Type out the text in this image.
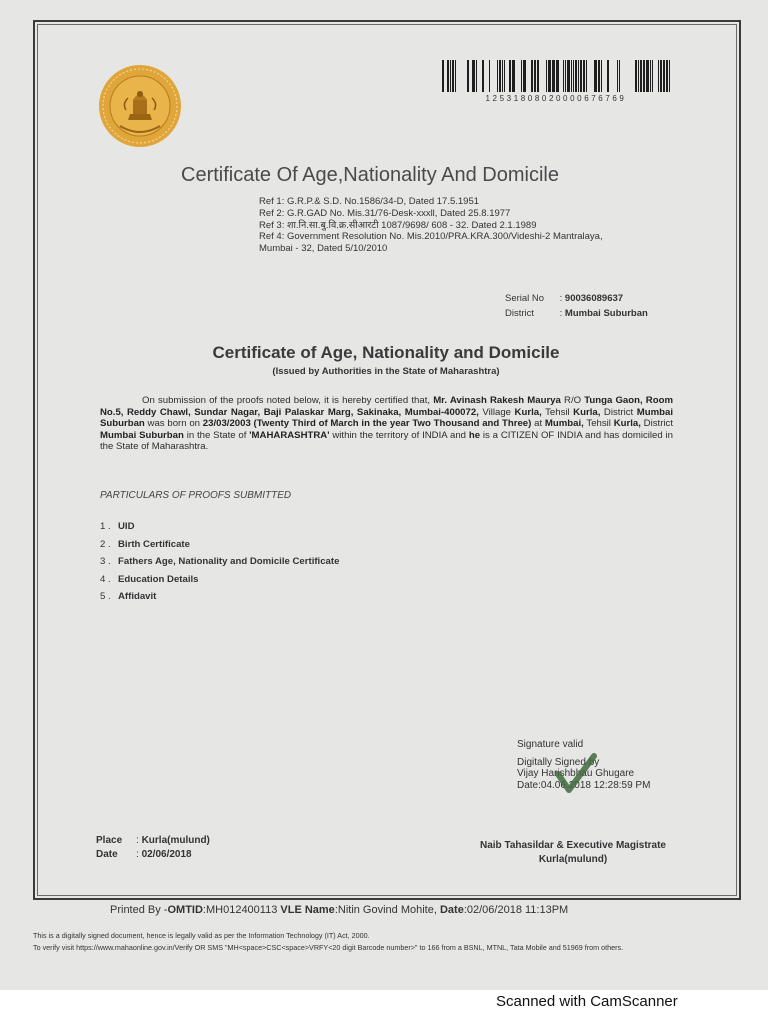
12531808020000676769
Certificate Of Age,Nationality And Domicile
Ref 1: G.R.P.& S.D. No.1586/34-D, Dated 17.5.1951
Ref 2: G.R.GAD No. Mis.31/76-Desk-xxxll, Dated 25.8.1977
Ref 3: शा.नि.सा.बु.वि.क्र.सीआरटी 1087/9698/ 608 - 32. Dated 2.1.1989
Ref 4: Government Resolution No. Mis.2010/PRA.KRA.300/Videshi-2 Mantralaya,
Mumbai - 32, Dated 5/10/2010
Serial No : 90036089637
District : Mumbai Suburban
Certificate of Age, Nationality and Domicile
(Issued by Authorities in the State of Maharashtra)
On submission of the proofs noted below, it is hereby certified that, Mr. Avinash Rakesh Maurya R/O Tunga Gaon, Room No.5, Reddy Chawl, Sundar Nagar, Baji Palaskar Marg, Sakinaka, Mumbai-400072, Village Kurla, Tehsil Kurla, District Mumbai Suburban was born on 23/03/2003 (Twenty Third of March in the year Two Thousand and Three) at Mumbai, Tehsil Kurla, District Mumbai Suburban in the State of 'MAHARASHTRA' within the territory of INDIA and he is a CITIZEN OF INDIA and has domiciled in the State of Maharashtra.
PARTICULARS OF PROOFS SUBMITTED
1 . UID
2 . Birth Certificate
3 . Fathers Age, Nationality and Domicile Certificate
4 . Education Details
5 . Affidavit
Signature valid
Digitally Signed by
Vijay Harishbhau Ghugare
Date:04.06.2018 12:28:59 PM
Place : Kurla(mulund)
Date : 02/06/2018
Naib Tahasildar & Executive Magistrate
Kurla(mulund)
Printed By -OMTID:MH012400113 VLE Name:Nitin Govind Mohite, Date:02/06/2018 11:13PM
This is a digitally signed document, hence is legally valid as per the Information Technology (IT) Act, 2000.
To verify visit https://www.mahaonline.gov.in/Verify OR SMS "MH<space>CSC<space>VRFY<20 digit Barcode number>" to 166 from a BSNL, MTNL, Tata Mobile and 51969 from others.
Scanned with CamScanner
